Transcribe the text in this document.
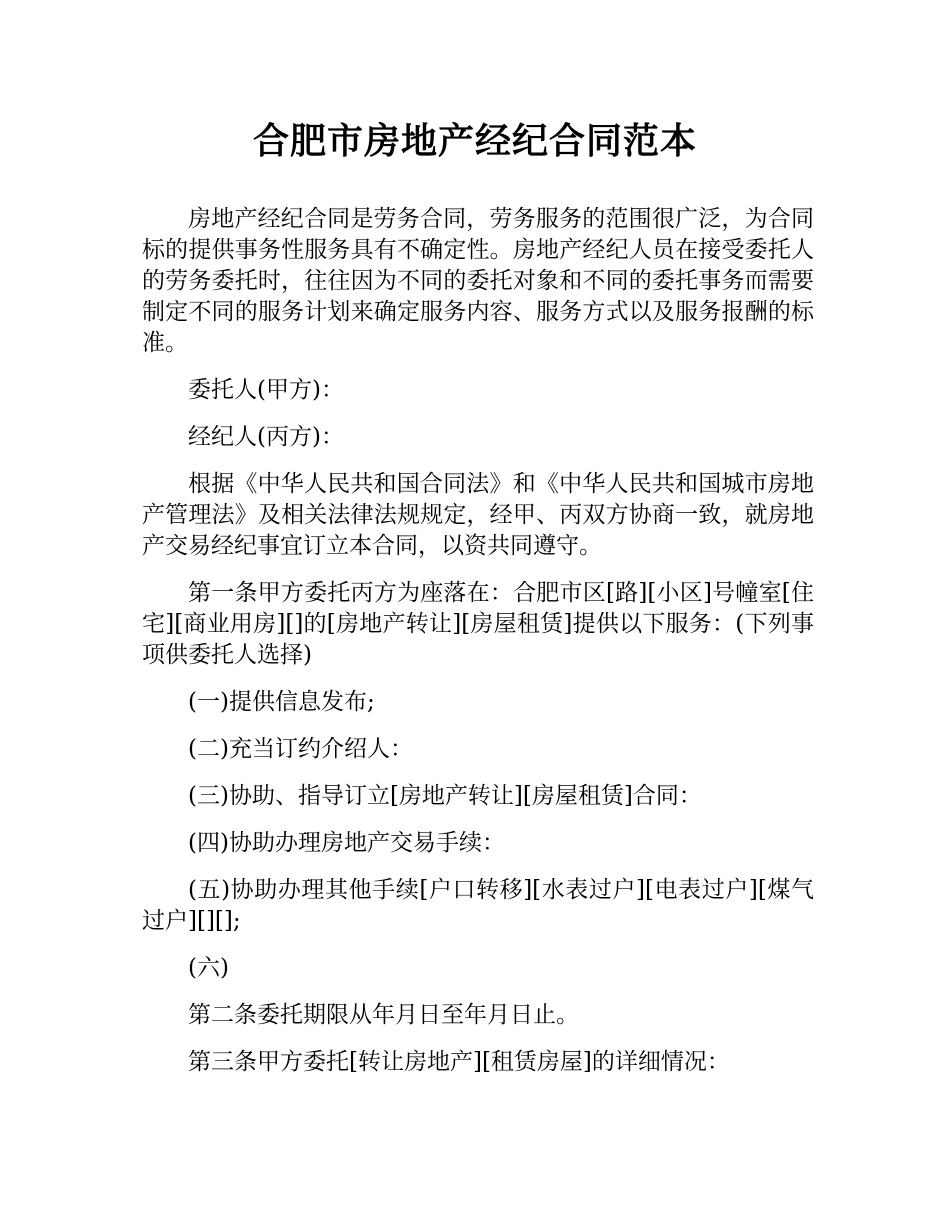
合肥市房地产经纪合同范本

房地产经纪合同是劳务合同，劳务服务的范围很广泛，为合同标的提供事务性服务具有不确定性。房地产经纪人员在接受委托人的劳务委托时，往往因为不同的委托对象和不同的委托事务而需要制定不同的服务计划来确定服务内容、服务方式以及服务报酬的标准。

委托人(甲方)：

经纪人(丙方)：

根据《中华人民共和国合同法》和《中华人民共和国城市房地产管理法》及相关法律法规规定，经甲、丙双方协商一致，就房地产交易经纪事宜订立本合同，以资共同遵守。

第一条甲方委托丙方为座落在：合肥市区[路][小区]号幢室[住宅][商业用房][]的[房地产转让][房屋租赁]提供以下服务：(下列事项供委托人选择)

(一)提供信息发布;

(二)充当订约介绍人：

(三)协助、指导订立[房地产转让][房屋租赁]合同：

(四)协助办理房地产交易手续：

(五)协助办理其他手续[户口转移][水表过户][电表过户][煤气过户][][];

(六)

第二条委托期限从年月日至年月日止。

第三条甲方委托[转让房地产][租赁房屋]的详细情况：
